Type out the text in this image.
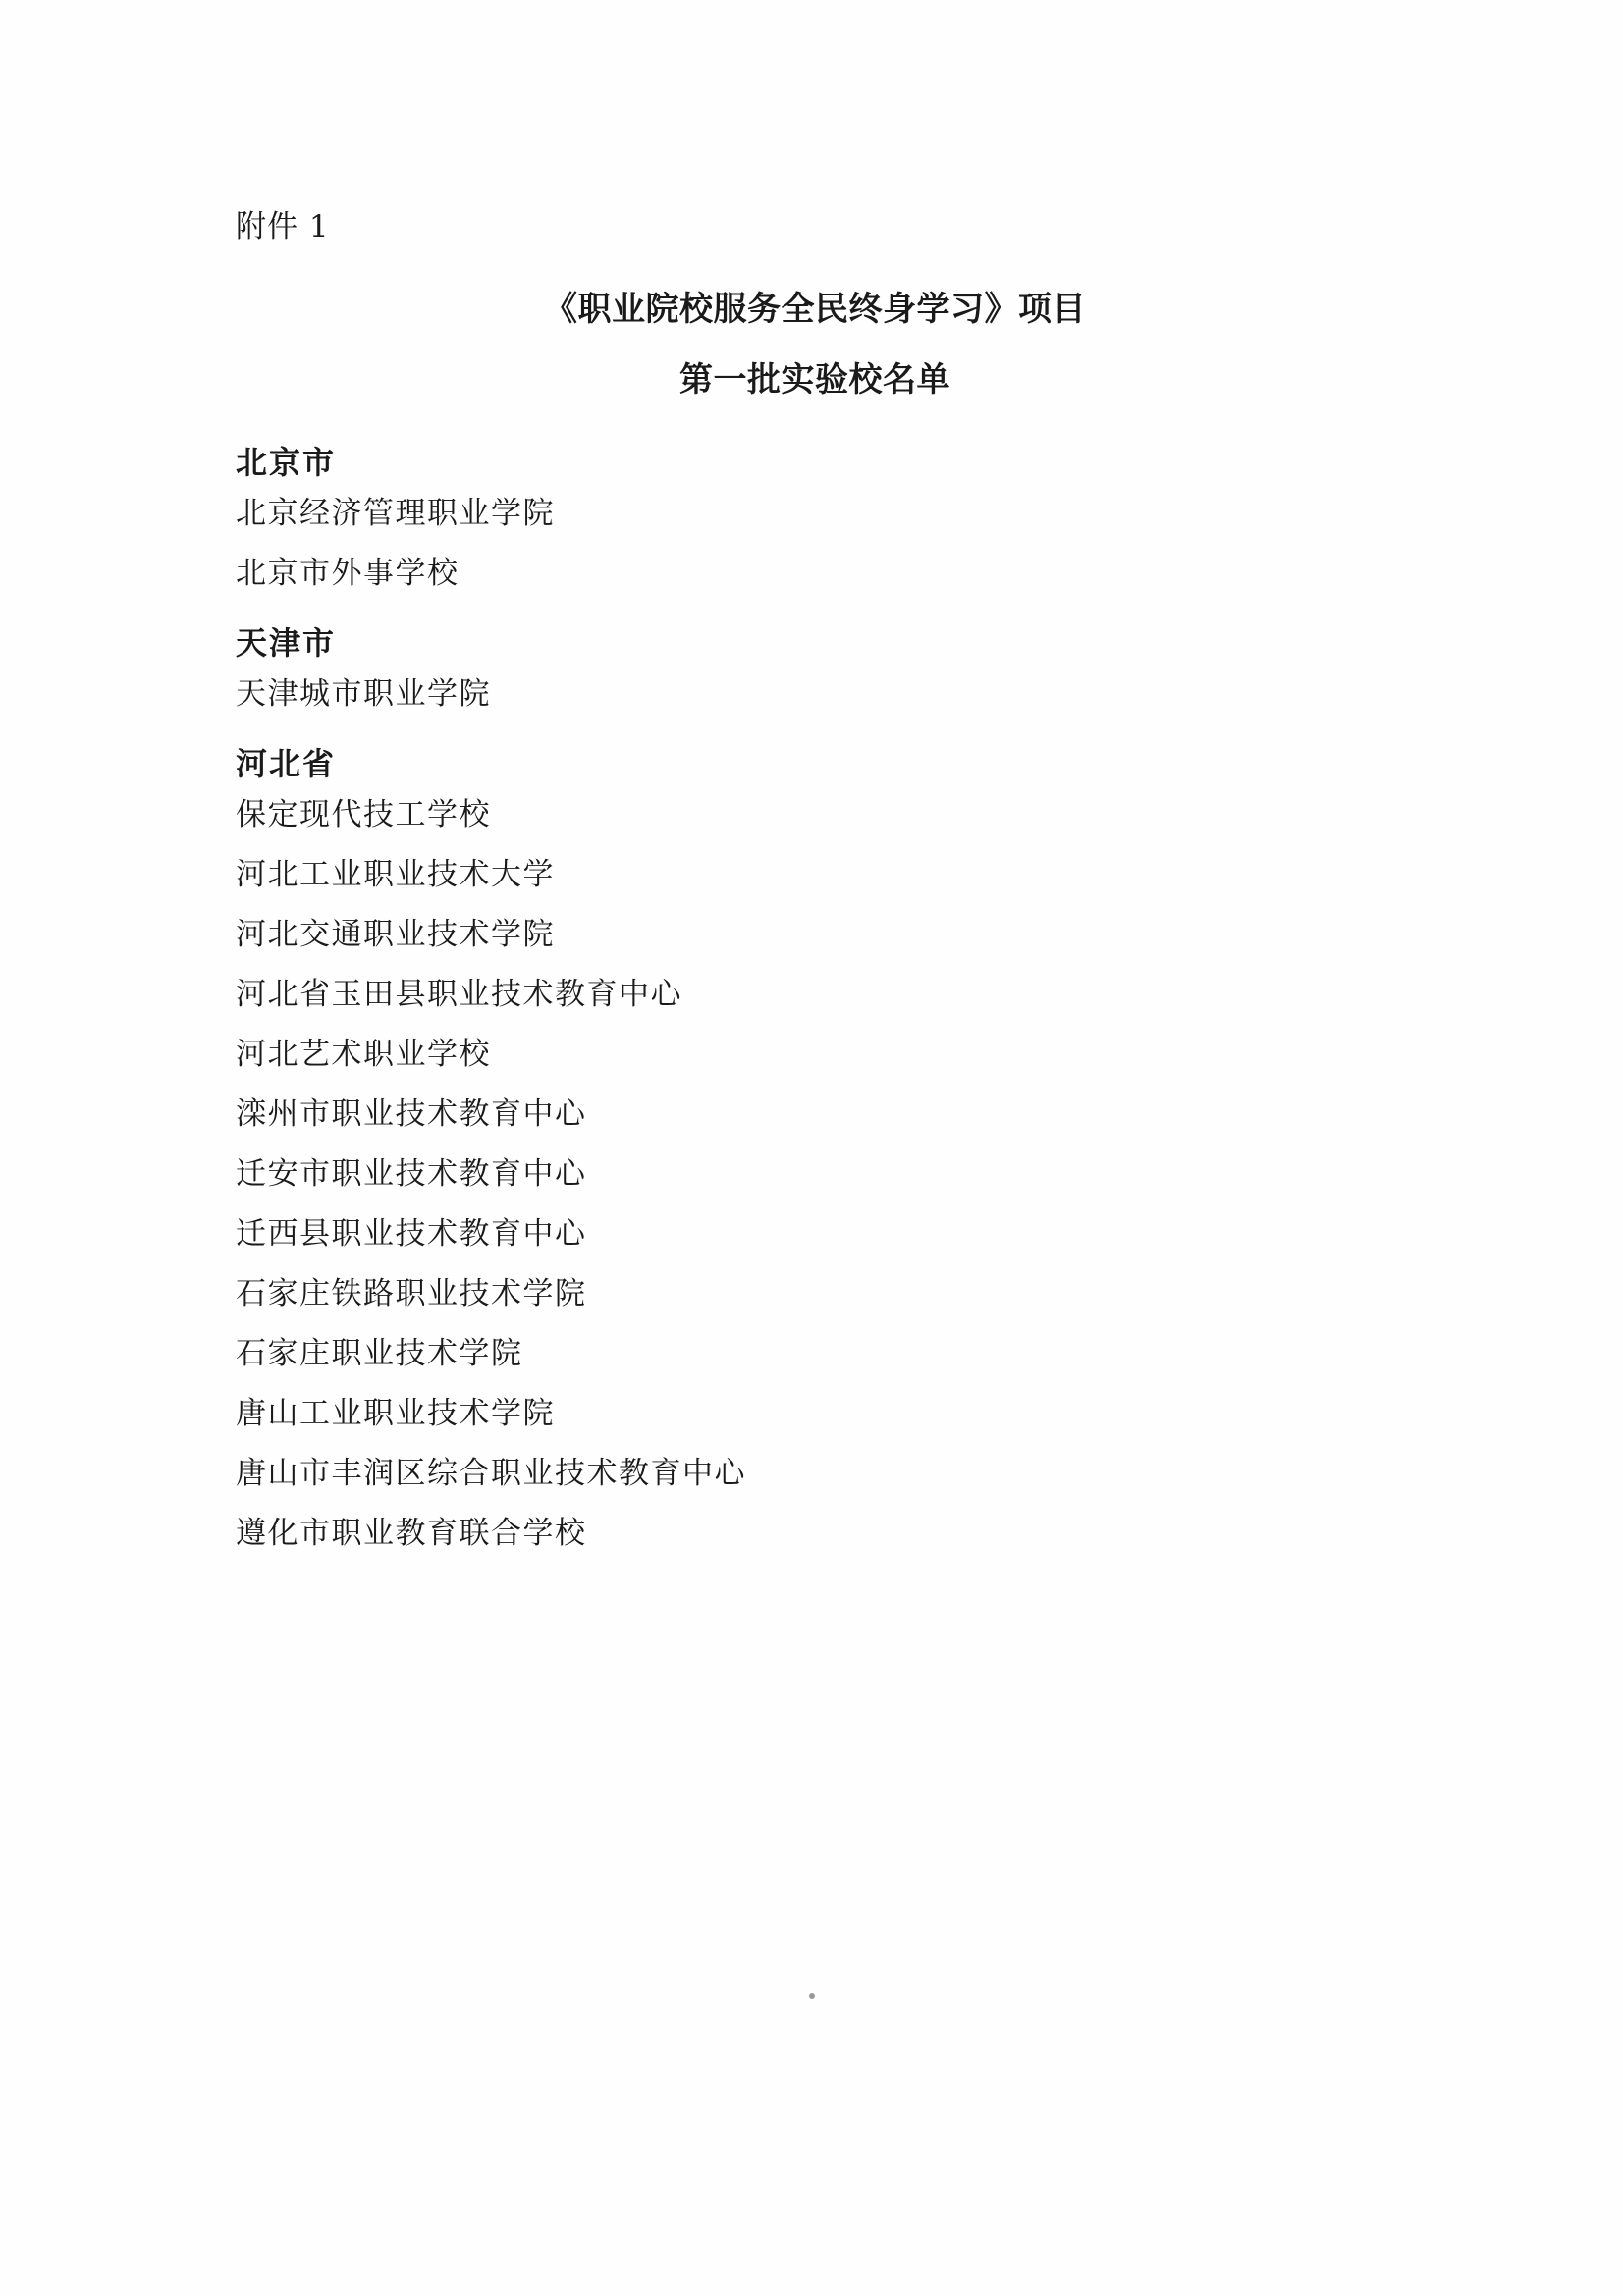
附件 1
《职业院校服务全民终身学习》项目
第一批实验校名单
北京市
北京经济管理职业学院
北京市外事学校
天津市
天津城市职业学院
河北省
保定现代技工学校
河北工业职业技术大学
河北交通职业技术学院
河北省玉田县职业技术教育中心
河北艺术职业学校
滦州市职业技术教育中心
迁安市职业技术教育中心
迁西县职业技术教育中心
石家庄铁路职业技术学院
石家庄职业技术学院
唐山工业职业技术学院
唐山市丰润区综合职业技术教育中心
遵化市职业教育联合学校
